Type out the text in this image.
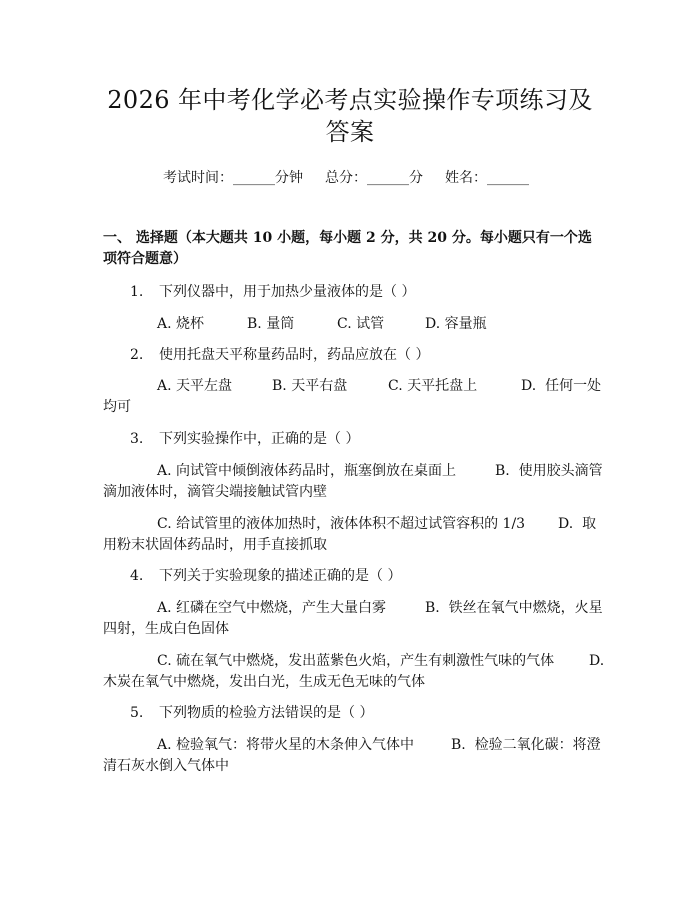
2026 年中考化学必考点实验操作专项练习及
答案
考试时间：______分钟 总分：______分 姓名：______
一、 选择题（本大题共 10 小题，每小题 2 分，共 20 分。每小题只有一个选项符合题意）
1. 下列仪器中，用于加热少量液体的是（ ）
A. 烧杯	B. 量筒	C. 试管	D. 容量瓶
2. 使用托盘天平称量药品时，药品应放在（ ）
A. 天平左盘	B. 天平右盘	C. 天平托盘上	D.  任何一处
均可
3. 下列实验操作中，正确的是（ ）
A. 向试管中倾倒液体药品时，瓶塞倒放在桌面上	B.  使用胶头滴管
滴加液体时，滴管尖端接触试管内壁
C. 给试管里的液体加热时，液体体积不超过试管容积的 1/3 D.  取
用粉末状固体药品时，用手直接抓取
4. 下列关于实验现象的描述正确的是（ ）
A. 红磷在空气中燃烧，产生大量白雾	B.  铁丝在氧气中燃烧，火星
四射，生成白色固体
C. 硫在氧气中燃烧，发出蓝紫色火焰，产生有刺激性气味的气体 D.
木炭在氧气中燃烧，发出白光，生成无色无味的气体
5. 下列物质的检验方法错误的是（ ）
A. 检验氧气：将带火星的木条伸入气体中	B.  检验二氧化碳：将澄
清石灰水倒入气体中
